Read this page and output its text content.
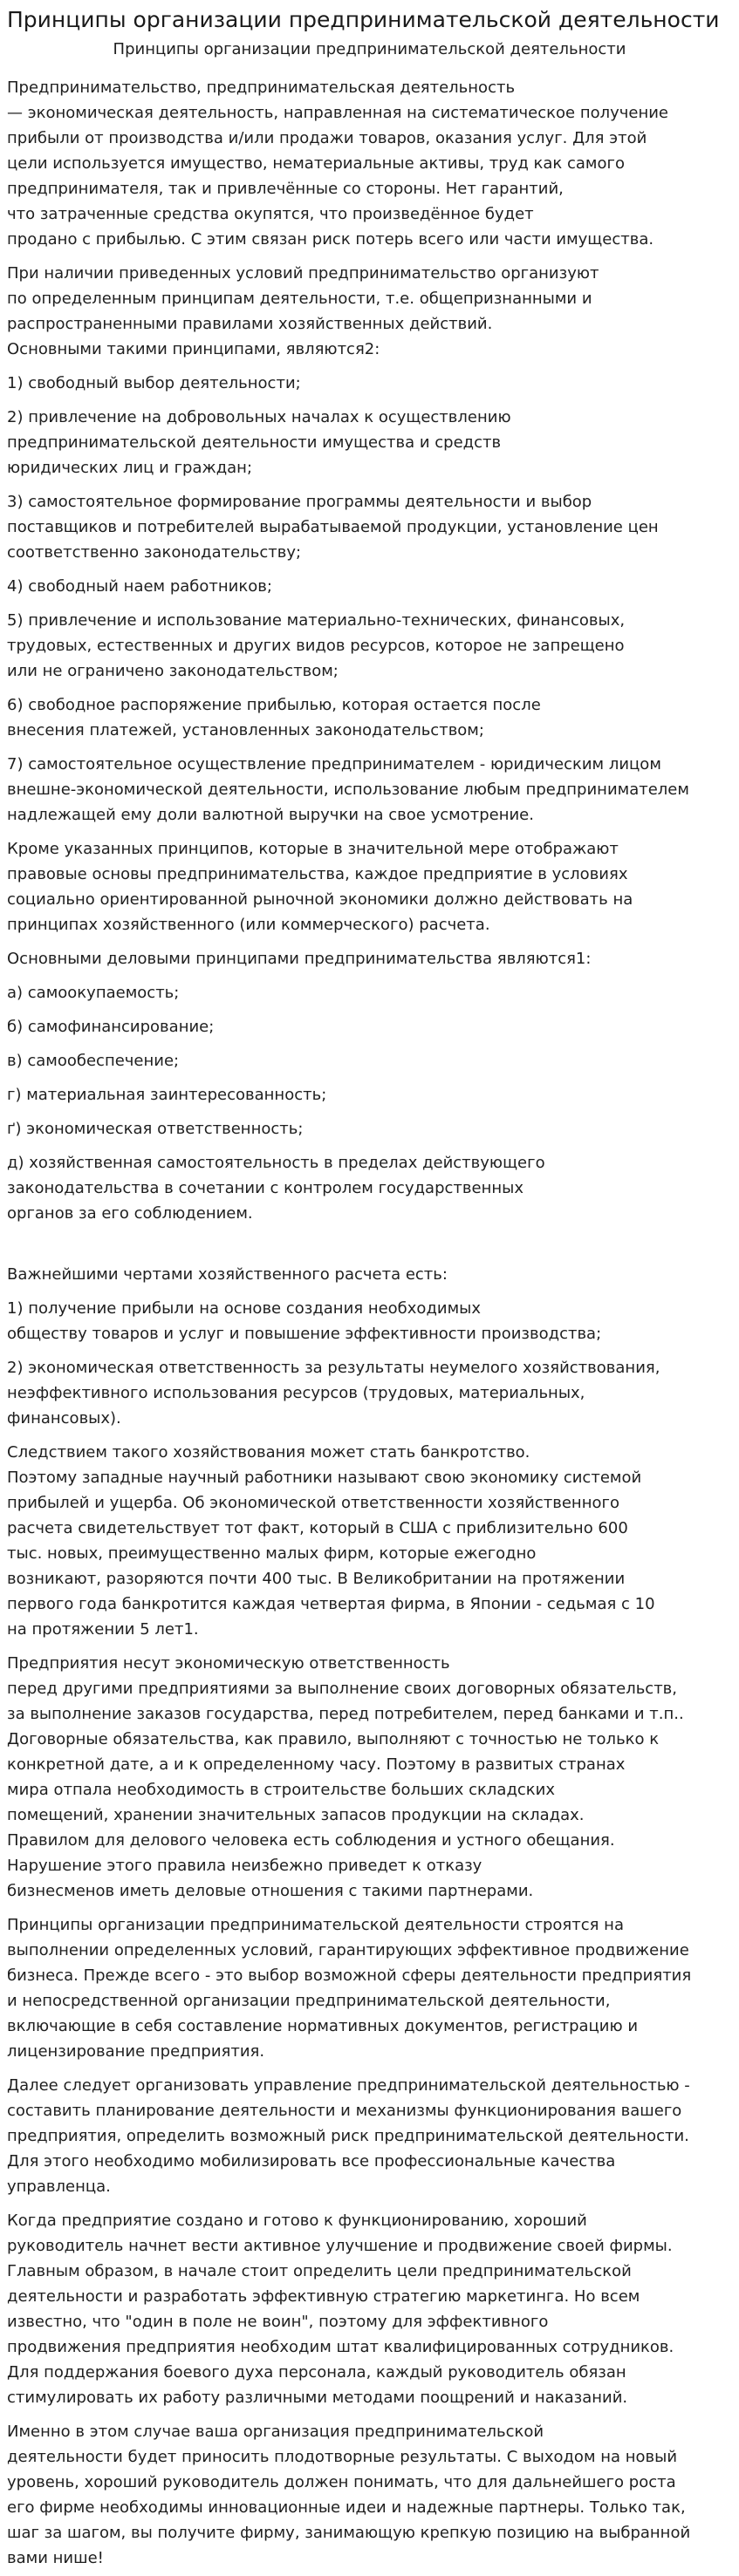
Принципы организации предпринимательской деятельности
Принципы организации предпринимательской деятельности
Предпринимательство, предпринимательская деятельность
— экономическая деятельность, направленная на систематическое получение
прибыли от производства и/или продажи товаров, оказания услуг. Для этой
цели используется имущество, нематериальные активы, труд как самого
предпринимателя, так и привлечённые со стороны. Нет гарантий,
что затраченные средства окупятся, что произведённое будет
продано с прибылью. С этим связан риск потерь всего или части имущества.
При наличии приведенных условий предпринимательство организуют
по определенным принципам деятельности, т.е. общепризнанными и
распространенными правилами хозяйственных действий.
Основными такими принципами, являются2:
1) свободный выбор деятельности;
2) привлечение на добровольных началах к осуществлению
предпринимательской деятельности имущества и средств
юридических лиц и граждан;
3) самостоятельное формирование программы деятельности и выбор
поставщиков и потребителей вырабатываемой продукции, установление цен
соответственно законодательству;
4) свободный наем работников;
5) привлечение и использование материально-технических, финансовых,
трудовых, естественных и других видов ресурсов, которое не запрещено
или не ограничено законодательством;
6) свободное распоряжение прибылью, которая остается после
внесения платежей, установленных законодательством;
7) самостоятельное осуществление предпринимателем - юридическим лицом
внешне-экономической деятельности, использование любым предпринимателем
надлежащей ему доли валютной выручки на свое усмотрение.
Кроме указанных принципов, которые в значительной мере отображают
правовые основы предпринимательства, каждое предприятие в условиях
социально ориентированной рыночной экономики должно действовать на
принципах хозяйственного (или коммерческого) расчета.
Основными деловыми принципами предпринимательства являются1:
а) самоокупаемость;
б) самофинансирование;
в) самообеспечение;
г) материальная заинтересованность;
ґ) экономическая ответственность;
д) хозяйственная самостоятельность в пределах действующего
законодательства в сочетании с контролем государственных
органов за его соблюдением.
Важнейшими чертами хозяйственного расчета есть:
1) получение прибыли на основе создания необходимых
обществу товаров и услуг и повышение эффективности производства;
2) экономическая ответственность за результаты неумелого хозяйствования,
неэффективного использования ресурсов (трудовых, материальных,
финансовых).
Следствием такого хозяйствования может стать банкротство.
Поэтому западные научный работники называют свою экономику системой
прибылей и ущерба. Об экономической ответственности хозяйственного
расчета свидетельствует тот факт, который в США с приблизительно 600
тыс. новых, преимущественно малых фирм, которые ежегодно
возникают, разоряются почти 400 тыс. В Великобритании на протяжении
первого года банкротится каждая четвертая фирма, в Японии - седьмая с 10
на протяжении 5 лет1.
Предприятия несут экономическую ответственность
перед другими предприятиями за выполнение своих договорных обязательств,
за выполнение заказов государства, перед потребителем, перед банками и т.п..
Договорные обязательства, как правило, выполняют с точностью не только к
конкретной дате, а и к определенному часу. Поэтому в развитых странах
мира отпала необходимость в строительстве больших складских
помещений, хранении значительных запасов продукции на складах.
Правилом для делового человека есть соблюдения и устного обещания.
Нарушение этого правила неизбежно приведет к отказу
бизнесменов иметь деловые отношения с такими партнерами.
Принципы организации предпринимательской деятельности строятся на
выполнении определенных условий, гарантирующих эффективное продвижение
бизнеса. Прежде всего - это выбор возможной сферы деятельности предприятия
и непосредственной организации предпринимательской деятельности,
включающие в себя составление нормативных документов, регистрацию и
лицензирование предприятия.
Далее следует организовать управление предпринимательской деятельностью -
составить планирование деятельности и механизмы функционирования вашего
предприятия, определить возможный риск предпринимательской деятельности.
Для этого необходимо мобилизировать все профессиональные качества
управленца.
Когда предприятие создано и готово к функционированию, хороший
руководитель начнет вести активное улучшение и продвижение своей фирмы.
Главным образом, в начале стоит определить цели предпринимательской
деятельности и разработать эффективную стратегию маркетинга. Но всем
известно, что "один в поле не воин", поэтому для эффективного
продвижения предприятия необходим штат квалифицированных сотрудников.
Для поддержания боевого духа персонала, каждый руководитель обязан
стимулировать их работу различными методами поощрений и наказаний.
Именно в этом случае ваша организация предпринимательской
деятельности будет приносить плодотворные результаты. С выходом на новый
уровень, хороший руководитель должен понимать, что для дальнейшего роста
его фирме необходимы инновационные идеи и надежные партнеры. Только так,
шаг за шагом, вы получите фирму, занимающую крепкую позицию на выбранной
вами нише!
